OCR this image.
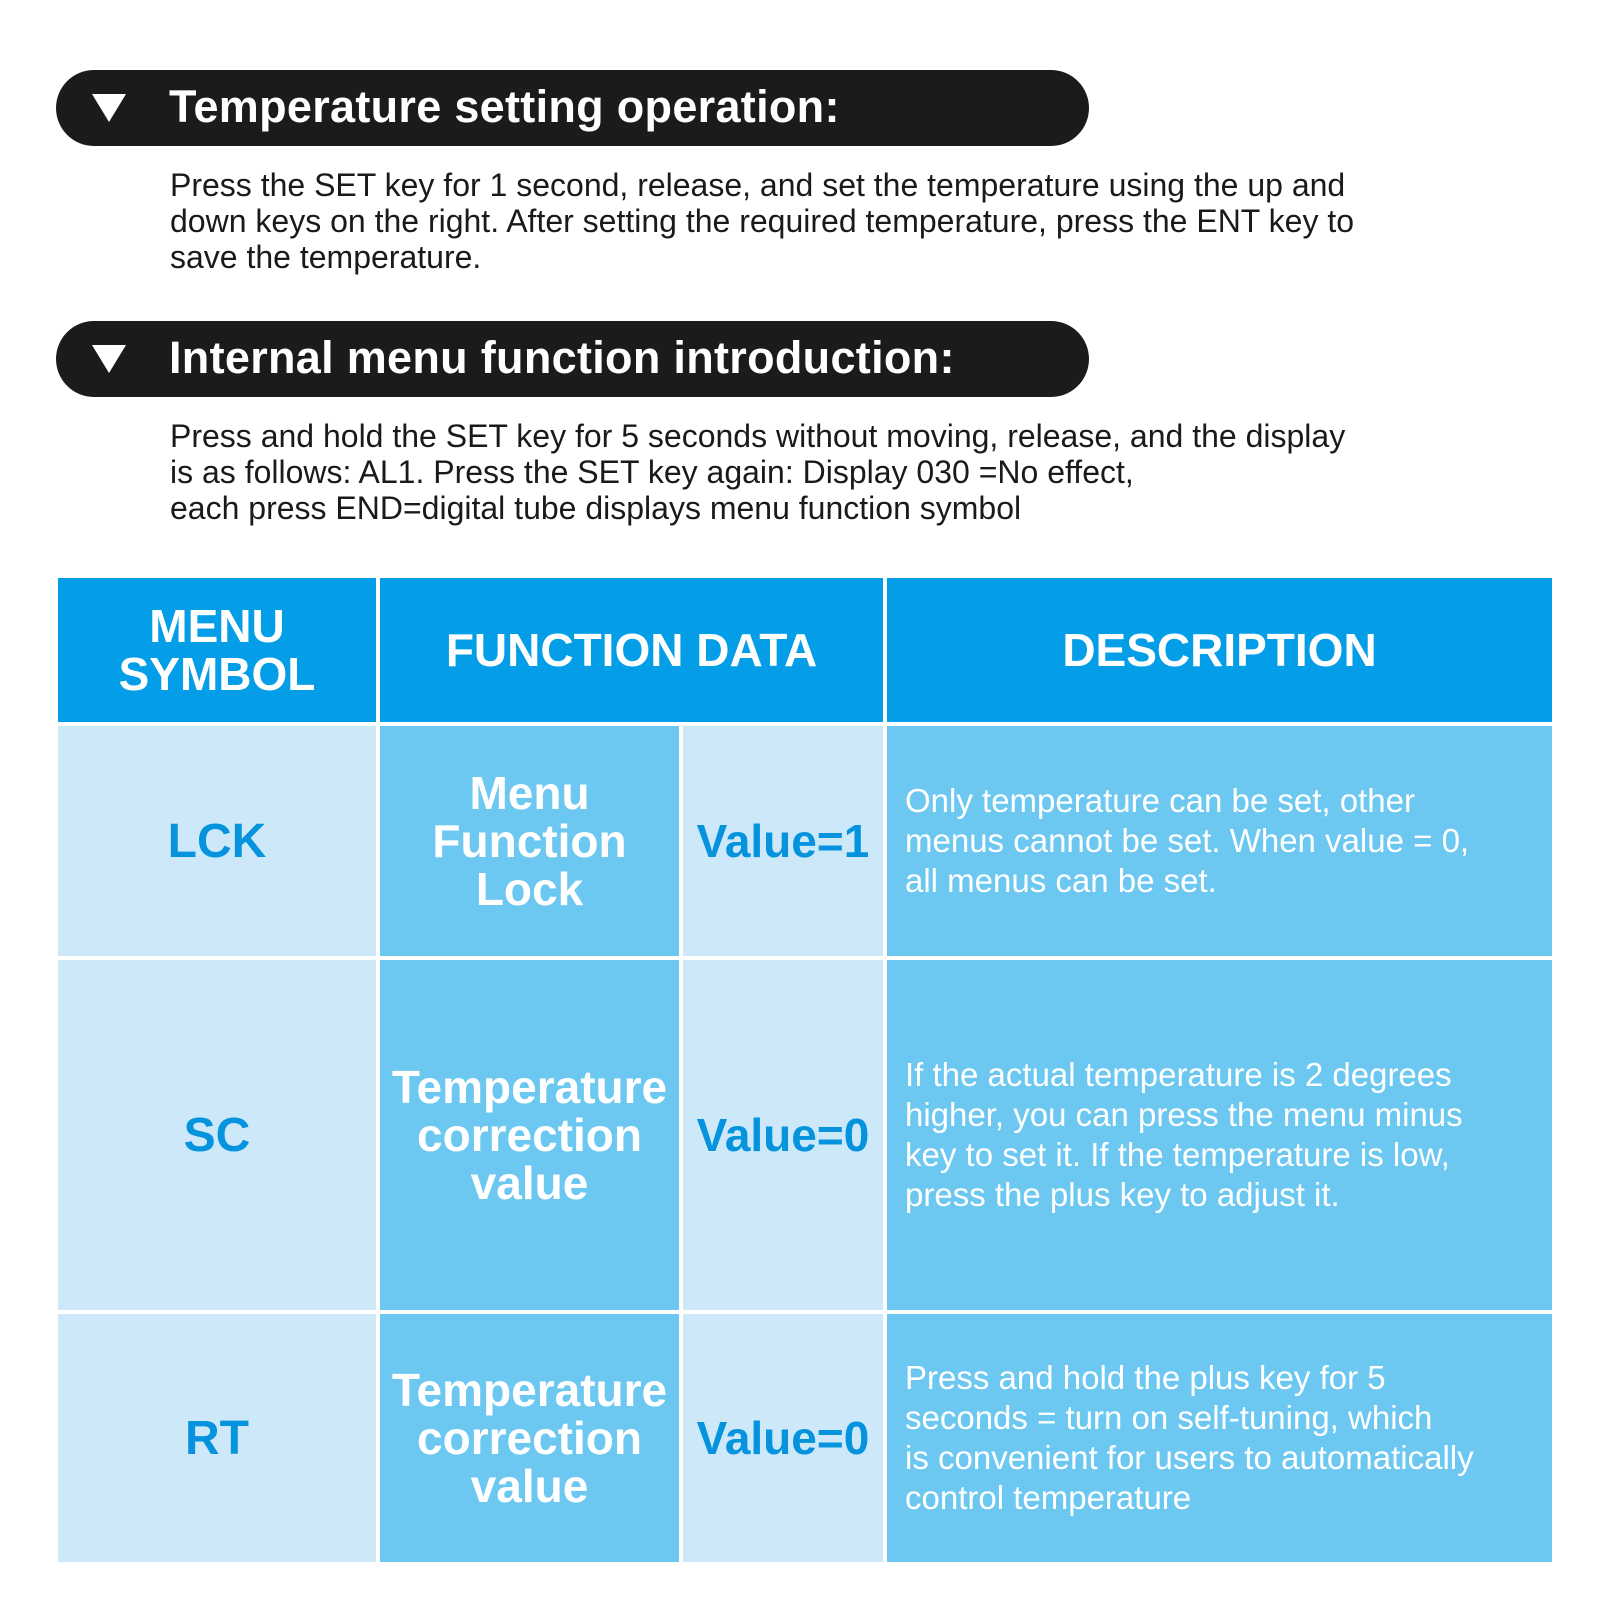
Temperature setting operation:
Press the SET key for 1 second, release, and set the temperature using the up and
down keys on the right. After setting the required temperature, press the ENT key to
save the temperature.
Internal menu function introduction:
Press and hold the SET key for 5 seconds without moving, release, and the display
is as follows: AL1. Press the SET key again: Display 030 =No effect,
each press END=digital tube displays menu function symbol
MENU
SYMBOL	FUNCTION DATA	DESCRIPTION
LCK
Menu
Function
Lock
Value=1
Only temperature can be set, other
menus cannot be set. When value = 0,
all menus can be set.
SC
Temperature
correction
value
Value=0
If the actual temperature is 2 degrees
higher, you can press the menu minus
key to set it. If the temperature is low,
press the plus key to adjust it.
RT
Temperature
correction
value
Value=0
Press and hold the plus key for 5
seconds = turn on self-tuning, which
is convenient for users to automatically
control temperature
